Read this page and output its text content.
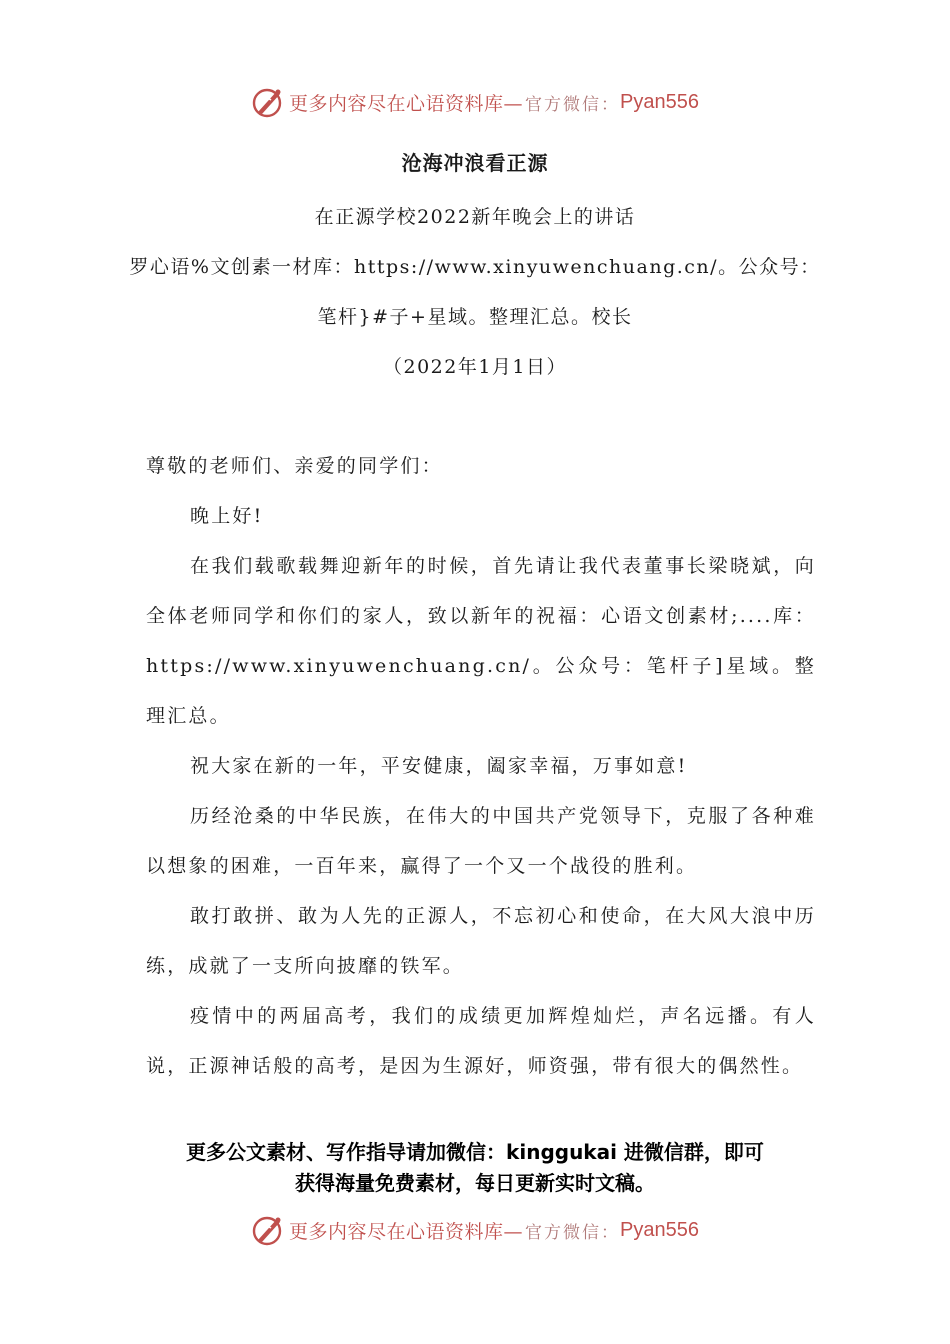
更多内容尽在心语资料库— 官方微信： Pyan556
沧海冲浪看正源
在正源学校2022新年晚会上的讲话
罗心语%文创素一材库：https://www.xinyuwenchuang.cn/。公众号：
笔杆}#子+星域。整理汇总。校长
（2022年1月1日）
尊敬的老师们、亲爱的同学们：
晚上好!
在我们载歌载舞迎新年的时候，首先请让我代表董事长梁晓斌，向全体老师同学和你们的家人，致以新年的祝福：心语文创素材;....库：https://www.xinyuwenchuang.cn/。公众号：笔杆子]星域。整理汇总。
祝大家在新的一年，平安健康，阖家幸福，万事如意!
历经沧桑的中华民族，在伟大的中国共产党领导下，克服了各种难以想象的困难，一百年来，赢得了一个又一个战役的胜利。
敢打敢拼、敢为人先的正源人，不忘初心和使命，在大风大浪中历练，成就了一支所向披靡的铁军。
疫情中的两届高考，我们的成绩更加辉煌灿烂，声名远播。有人说，正源神话般的高考，是因为生源好，师资强，带有很大的偶然性。
更多公文素材、写作指导请加微信：kinggukai 进微信群，即可
获得海量免费素材，每日更新实时文稿。
更多内容尽在心语资料库— 官方微信： Pyan556
